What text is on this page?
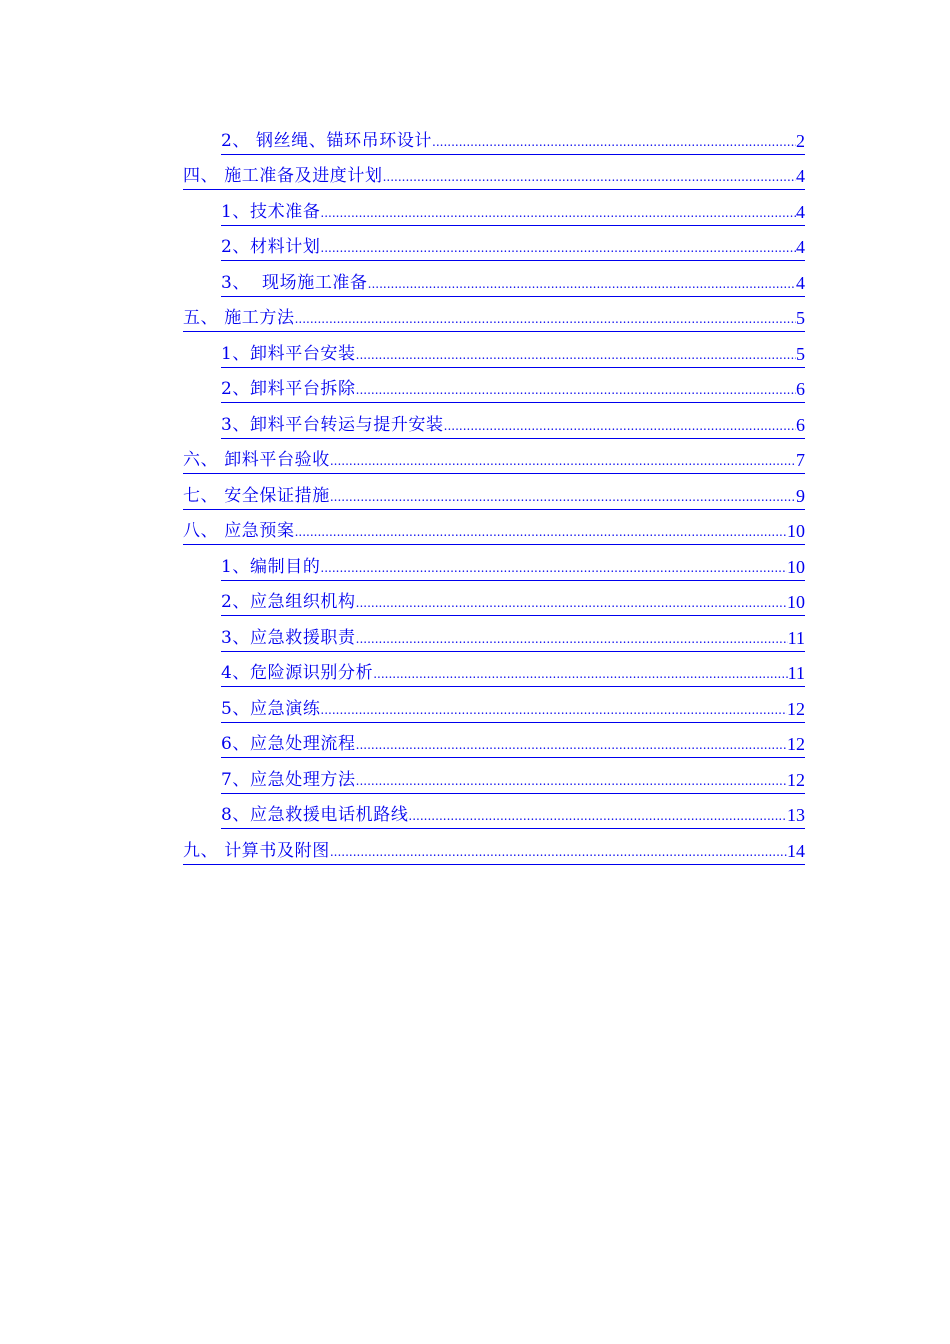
2、 钢丝绳、锚环吊环设计 .....	2
四、 施工准备及进度计划 .....	4
1、技术准备 .....	4
2、材料计划 .....	4
3、  现场施工准备 .....	4
五、 施工方法 .....	5
1、卸料平台安装 .....	5
2、卸料平台拆除 .....	6
3、卸料平台转运与提升安装 .....	6
六、 卸料平台验收 .....	7
七、 安全保证措施 .....	9
八、 应急预案 .....	10
1、编制目的 .....	10
2、应急组织机构 .....	10
3、应急救援职责 .....	11
4、危险源识别分析 .....	11
5、应急演练 .....	12
6、应急处理流程 .....	12
7、应急处理方法 .....	12
8、应急救援电话机路线 .....	13
九、 计算书及附图 .....	14
